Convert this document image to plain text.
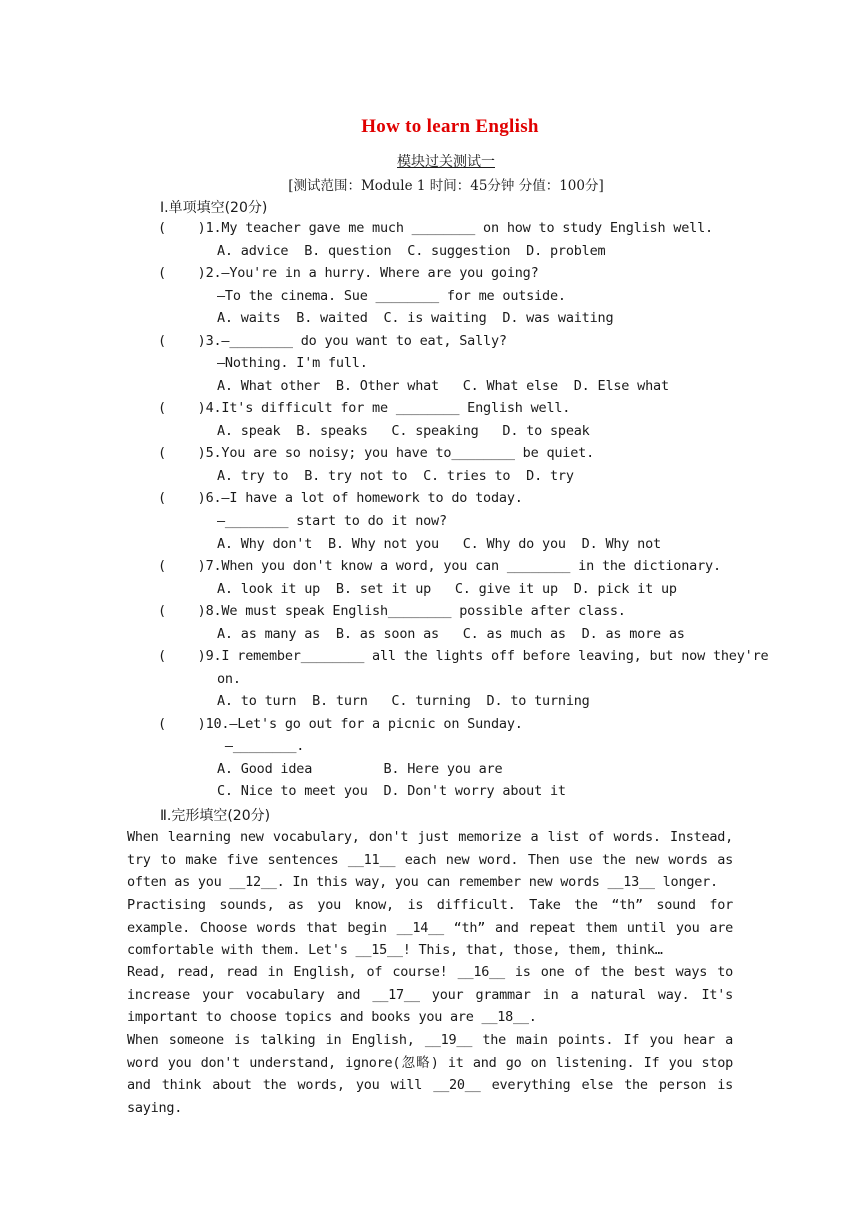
How to learn English
模块过关测试一
[测试范围：Module 1 时间：45分钟 分值：100分]
Ⅰ.单项填空(20分)
(    )1.My teacher gave me much ________ on how to study English well.
A. advice  B. question  C. suggestion  D. problem
(    )2.—You're in a hurry. Where are you going?
—To the cinema. Sue ________ for me outside.
A. waits  B. waited  C. is waiting  D. was waiting
(    )3.—________ do you want to eat, Sally?
—Nothing. I'm full.
A. What other  B. Other what   C. What else  D. Else what
(    )4.It's difficult for me ________ English well.
A. speak  B. speaks   C. speaking   D. to speak
(    )5.You are so noisy; you have to________ be quiet.
A. try to  B. try not to  C. tries to  D. try
(    )6.—I have a lot of homework to do today.
—________ start to do it now?
A. Why don't  B. Why not you   C. Why do you  D. Why not
(    )7.When you don't know a word, you can ________ in the dictionary.
A. look it up  B. set it up   C. give it up  D. pick it up
(    )8.We must speak English________ possible after class.
A. as many as  B. as soon as   C. as much as  D. as more as
(    )9.I remember________ all the lights off before leaving, but now they're
on.
A. to turn  B. turn   C. turning  D. to turning
(    )10.—Let's go out for a picnic on Sunday.
—________.
A. Good idea         B. Here you are
C. Nice to meet you  D. Don't worry about it
Ⅱ.完形填空(20分)
When learning new vocabulary, don't just memorize a list of words. Instead, try to make five sentences __11__ each new word. Then use the new words as often as you __12__. In this way, you can remember new words __13__ longer.
Practising sounds, as you know, is difficult. Take the “th” sound for example. Choose words that begin __14__ “th” and repeat them until you are comfortable with them. Let's __15__! This, that, those, them, think…
Read, read, read in English, of course! __16__ is one of the best ways to increase your vocabulary and __17__ your grammar in a natural way. It's important to choose topics and books you are __18__.
When someone is talking in English, __19__ the main points. If you hear a word you don't understand, ignore(忽略) it and go on listening. If you stop and think about the words, you will __20__ everything else the person is saying.
